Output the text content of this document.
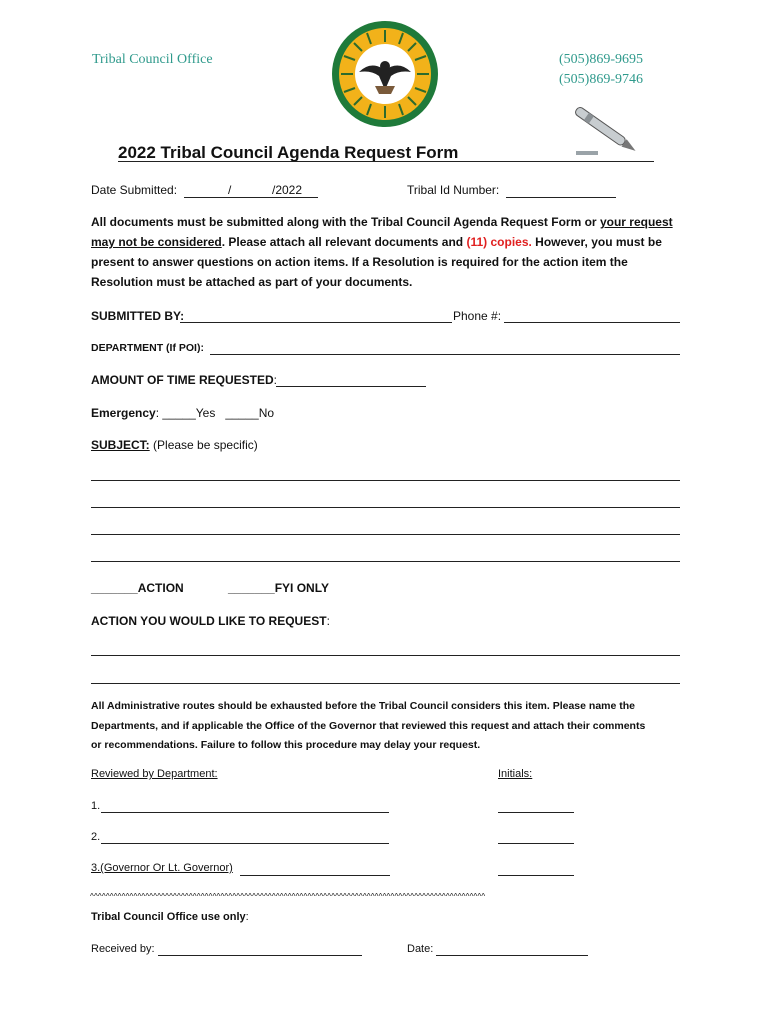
Tribal Council Office	(505)869-9695
(505)869-9746
2022 Tribal Council Agenda Request Form
Date Submitted:	/	/2022	Tribal Id Number:
All documents must be submitted along with the Tribal Council Agenda Request Form or your request
may not be considered. Please attach all relevant documents and (11) copies. However, you must be
present to answer questions on action items. If a Resolution is required for the action item the
Resolution must be attached as part of your documents.
SUBMITTED BY:	Phone #:
DEPARTMENT (If POI):
AMOUNT OF TIME REQUESTED:
Emergency: _____Yes   _____No
SUBJECT: (Please be specific)
_______ACTION	_______FYI ONLY
ACTION YOU WOULD LIKE TO REQUEST:
All Administrative routes should be exhausted before the Tribal Council considers this item. Please name the
Departments, and if applicable the Office of the Governor that reviewed this request and attach their comments
or recommendations. Failure to follow this procedure may delay your request.
Reviewed by Department:	Initials:
1.
2.
3.(Governor Or Lt. Governor)
^^^^^^^^^^^^^^^^^^^^^^^^^^^^^^^^^^^^^^^^^^^^^^^^^^^^^^^^^^^^^^^^^^^^^^^^^^^^^^^^^^^^^^^^^^^^^^^^^^^^
Tribal Council Office use only:
Received by:	Date:
